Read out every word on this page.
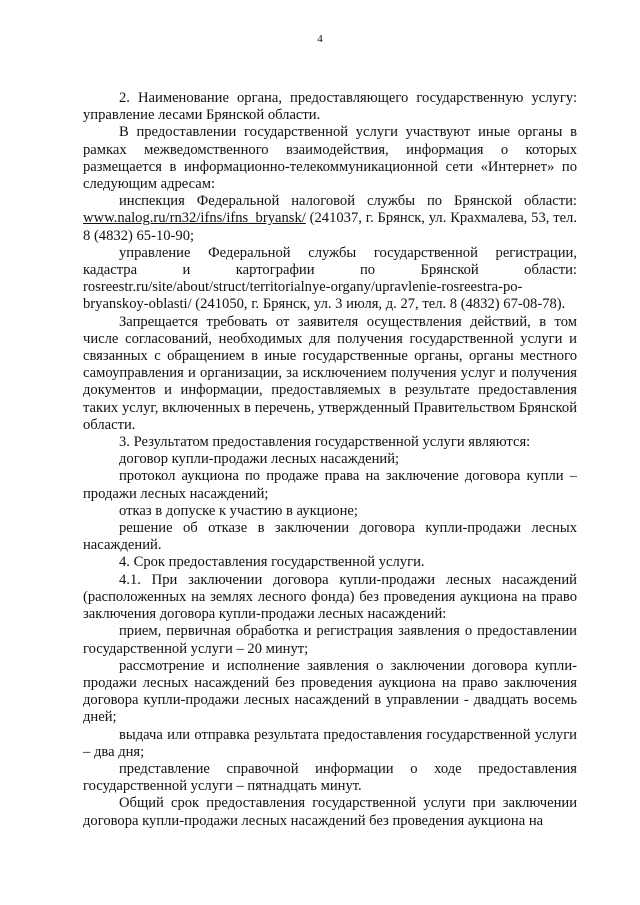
4

2. Наименование органа, предоставляющего государственную услугу: управление лесами Брянской области.

В предоставлении государственной услуги участвуют иные органы в рамках межведомственного взаимодействия, информация о которых размещается в информационно-телекоммуникационной сети «Интернет» по следующим адресам:

инспекция Федеральной налоговой службы по Брянской области: www.nalog.ru/rn32/ifns/ifns_bryansk/ (241037, г. Брянск, ул. Крахмалева, 53, тел. 8 (4832) 65-10-90;

управление Федеральной службы государственной регистрации, кадастра и картографии по Брянской области: rosreestr.ru/site/about/struct/territorialnye-organy/upravlenie-rosreestra-po-bryanskoy-oblasti/ (241050, г. Брянск, ул. 3 июля, д. 27, тел. 8 (4832) 67-08-78).

Запрещается требовать от заявителя осуществления действий, в том числе согласований, необходимых для получения государственной услуги и связанных с обращением в иные государственные органы, органы местного самоуправления и организации, за исключением получения услуг и получения документов и информации, предоставляемых в результате предоставления таких услуг, включенных в перечень, утвержденный Правительством Брянской области.

3. Результатом предоставления государственной услуги являются:

договор купли-продажи лесных насаждений;

протокол аукциона по продаже права на заключение договора купли – продажи лесных насаждений;

отказ в допуске к участию в аукционе;

решение об отказе в заключении договора купли-продажи лесных насаждений.

4. Срок предоставления государственной услуги.

4.1. При заключении договора купли-продажи лесных насаждений (расположенных на землях лесного фонда) без проведения аукциона на право заключения договора купли-продажи лесных насаждений:

прием, первичная обработка и регистрация заявления о предоставлении государственной услуги – 20 минут;

рассмотрение и исполнение заявления о заключении договора купли-продажи лесных насаждений без проведения аукциона на право заключения договора купли-продажи лесных насаждений в управлении - двадцать восемь дней;

выдача или отправка результата предоставления государственной услуги – два дня;

представление справочной информации о ходе предоставления государственной услуги – пятнадцать минут.

Общий срок предоставления государственной услуги при заключении договора купли-продажи лесных насаждений без проведения аукциона на
